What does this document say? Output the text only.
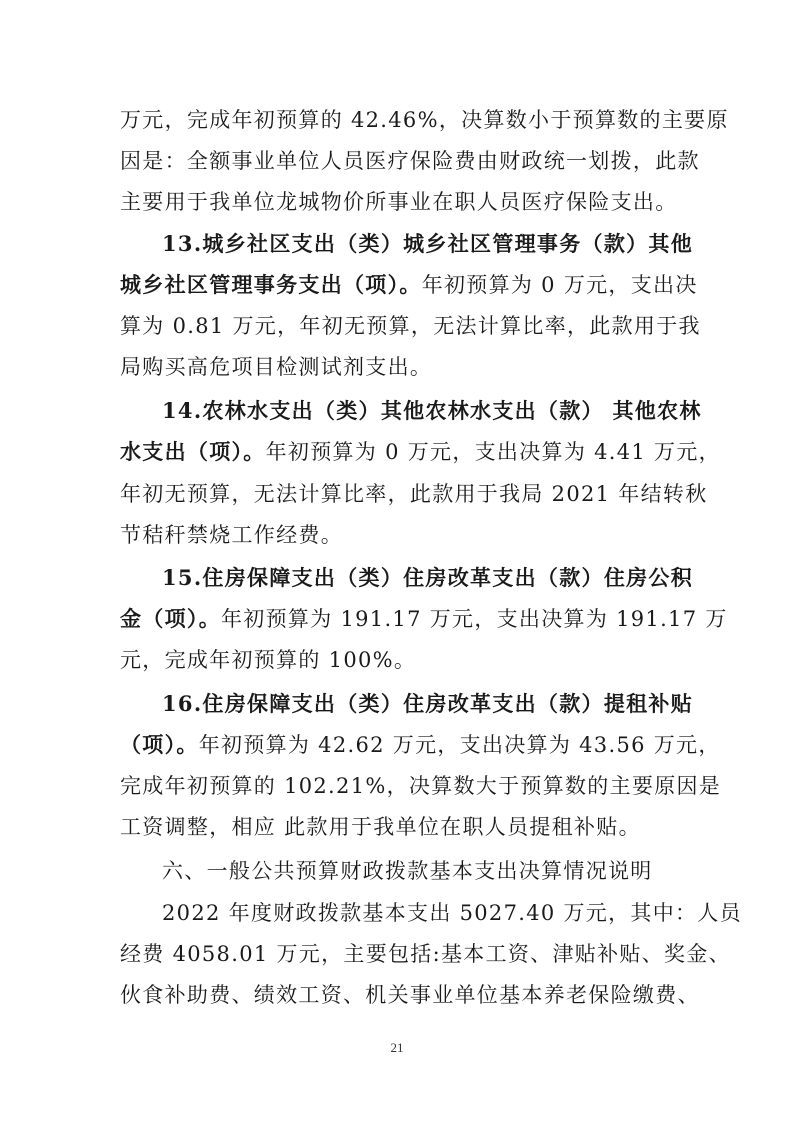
万元，完成年初预算的 42.46%，决算数小于预算数的主要原
因是：全额事业单位人员医疗保险费由财政统一划拨，此款
主要用于我单位龙城物价所事业在职人员医疗保险支出。
13.城乡社区支出（类）城乡社区管理事务（款）其他
城乡社区管理事务支出（项）。年初预算为 0 万元，支出决
算为 0.81 万元，年初无预算，无法计算比率，此款用于我
局购买高危项目检测试剂支出。
14.农林水支出（类）其他农林水支出（款） 其他农林
水支出（项）。年初预算为 0 万元，支出决算为 4.41 万元，
年初无预算，无法计算比率，此款用于我局 2021 年结转秋
节秸秆禁烧工作经费。
15.住房保障支出（类）住房改革支出（款）住房公积
金（项）。年初预算为 191.17 万元，支出决算为 191.17 万
元，完成年初预算的 100%。
16.住房保障支出（类）住房改革支出（款）提租补贴
（项）。年初预算为 42.62 万元，支出决算为 43.56 万元，
完成年初预算的 102.21%，决算数大于预算数的主要原因是
工资调整，相应 此款用于我单位在职人员提租补贴。
六、一般公共预算财政拨款基本支出决算情况说明
2022 年度财政拨款基本支出 5027.40 万元，其中：人员
经费 4058.01 万元，主要包括:基本工资、津贴补贴、奖金、
伙食补助费、绩效工资、机关事业单位基本养老保险缴费、
21
